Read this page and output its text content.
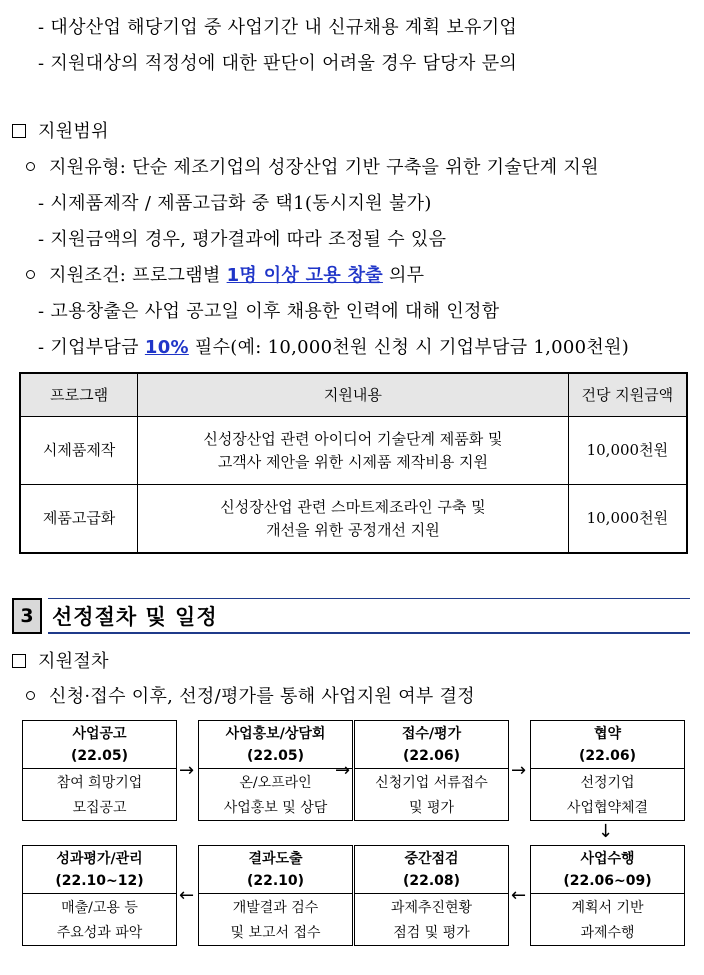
- 대상산업 해당기업 중 사업기간 내 신규채용 계획 보유기업
- 지원대상의 적정성에 대한 판단이 어려울 경우 담당자 문의
지원범위
지원유형: 단순 제조기업의 성장산업 기반 구축을 위한 기술단계 지원
- 시제품제작 / 제품고급화 중 택1(동시지원 불가)
- 지원금액의 경우, 평가결과에 따라 조정될 수 있음
지원조건: 프로그램별 1명 이상 고용 창출 의무
- 고용창출은 사업 공고일 이후 채용한 인력에 대해 인정함
- 기업부담금 10% 필수(예: 10,000천원 신청 시 기업부담금 1,000천원)
프로그램	지원내용	건당 지원금액
시제품제작	신성장산업 관련 아이디어 기술단계 제품화 및
고객사 제안을 위한 시제품 제작비용 지원	10,000천원
제품고급화	신성장산업 관련 스마트제조라인 구축 및
개선을 위한 공정개선 지원	10,000천원
3 선정절차 및 일정
지원절차
신청·접수 이후, 선정/평가를 통해 사업지원 여부 결정
사업공고
(22.05)
참여 희망기업
모집공고
→
사업홍보/상담회
(22.05)
온/오프라인
사업홍보 및 상담
→
접수/평가
(22.06)
신청기업 서류접수
및 평가
→
협약
(22.06)
선정기업
사업협약체결
↓
사업수행
(22.06~09)
계획서 기반
과제수행
←
중간점검
(22.08)
과제추진현황
점검 및 평가
결과도출
(22.10)
개발결과 검수
및 보고서 접수
←
성과평가/관리
(22.10~12)
매출/고용 등
주요성과 파악
